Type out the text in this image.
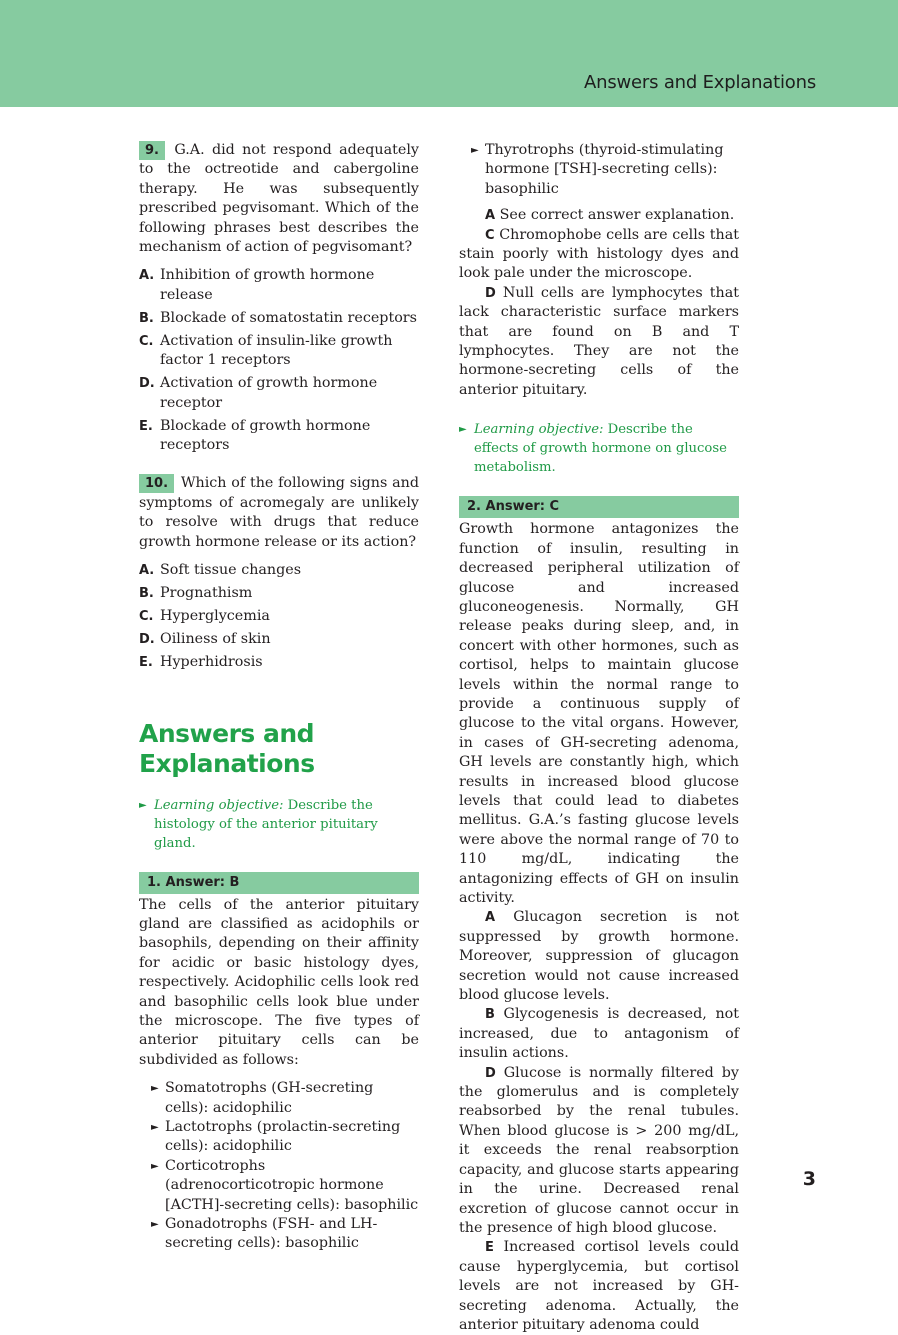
Answers and Explanations

9. G.A. did not respond adequately to the octreotide and cabergoline therapy. He was subsequently prescribed pegvisomant. Which of the following phrases best describes the mechanism of action of pegvisomant?

A. Inhibition of growth hormone release
B. Blockade of somatostatin receptors
C. Activation of insulin-like growth factor 1 receptors
D. Activation of growth hormone receptor
E. Blockade of growth hormone receptors

10. Which of the following signs and symptoms of acromegaly are unlikely to resolve with drugs that reduce growth hormone release or its action?

A. Soft tissue changes
B. Prognathism
C. Hyperglycemia
D. Oiliness of skin
E. Hyperhidrosis
Answers and
Explanations

► Learning objective: Describe the histology of the anterior pituitary gland.

1. Answer: B

The cells of the anterior pituitary gland are classified as acidophils or basophils, depending on their affinity for acidic or basic histology dyes, respectively. Acidophilic cells look red and basophilic cells look blue under the microscope. The five types of anterior pituitary cells can be subdivided as follows:

► Somatotrophs (GH-secreting cells): acidophilic
► Lactotrophs (prolactin-secreting cells): acidophilic
► Corticotrophs (adrenocorticotropic hormone [ACTH]-secreting cells): basophilic
► Gonadotrophs (FSH- and LH-secreting cells): basophilic
► Thyrotrophs (thyroid-stimulating hormone [TSH]-secreting cells): basophilic

A See correct answer explanation.

C Chromophobe cells are cells that stain poorly with histology dyes and look pale under the microscope.

D Null cells are lymphocytes that lack characteristic surface markers that are found on B and T lymphocytes. They are not the hormone-secreting cells of the anterior pituitary.

► Learning objective: Describe the effects of growth hormone on glucose metabolism.

2. Answer: C

Growth hormone antagonizes the function of insulin, resulting in decreased peripheral utilization of glucose and increased gluconeogenesis. Normally, GH release peaks during sleep, and, in concert with other hormones, such as cortisol, helps to maintain glucose levels within the normal range to provide a continuous supply of glucose to the vital organs. However, in cases of GH-secreting adenoma, GH levels are constantly high, which results in increased blood glucose levels that could lead to diabetes mellitus. G.A.’s fasting glucose levels were above the normal range of 70 to 110 mg/dL, indicating the antagonizing effects of GH on insulin activity.

A Glucagon secretion is not suppressed by growth hormone. Moreover, suppression of glucagon secretion would not cause increased blood glucose levels.

B Glycogenesis is decreased, not increased, due to antagonism of insulin actions.

D Glucose is normally filtered by the glomerulus and is completely reabsorbed by the renal tubules. When blood glucose is > 200 mg/dL, it exceeds the renal reabsorption capacity, and glucose starts appearing in the urine. Decreased renal excretion of glucose cannot occur in the presence of high blood glucose.

E Increased cortisol levels could cause hyperglycemia, but cortisol levels are not increased by GH-secreting adenoma. Actually, the anterior pituitary adenoma could

3
